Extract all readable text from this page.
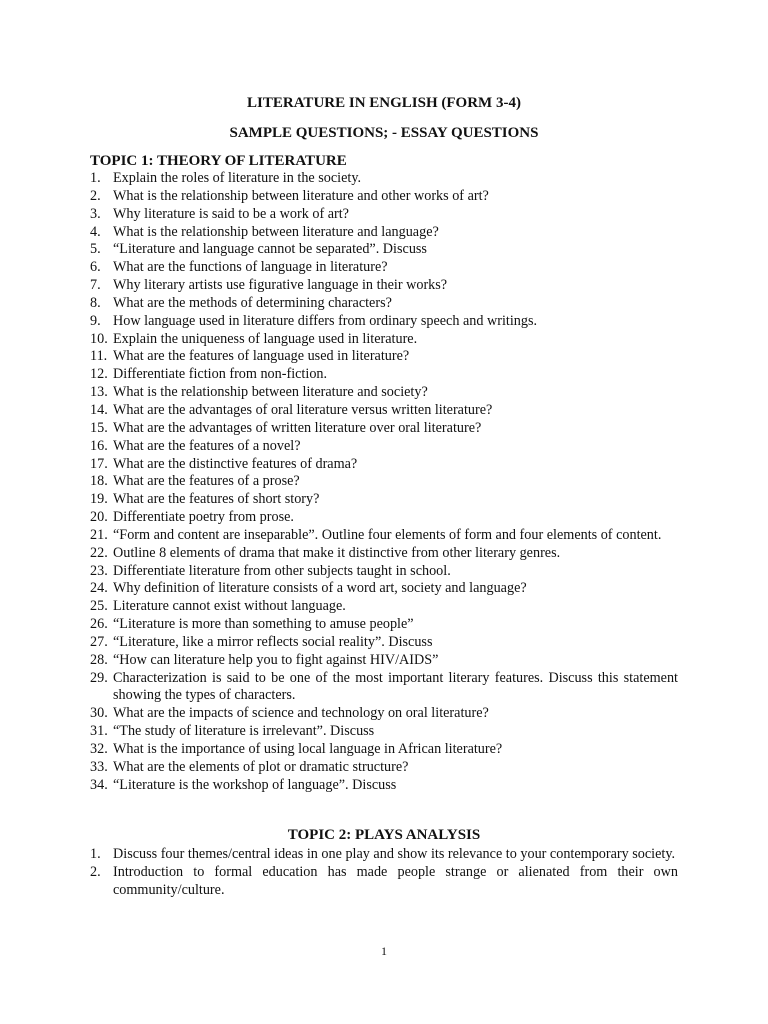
LITERATURE IN ENGLISH (FORM 3-4)
SAMPLE QUESTIONS; - ESSAY QUESTIONS
TOPIC 1: THEORY OF LITERATURE
1. Explain the roles of literature in the society.
2. What is the relationship between literature and other works of art?
3. Why literature is said to be a work of art?
4. What is the relationship between literature and language?
5. “Literature and language cannot be separated”. Discuss
6. What are the functions of language in literature?
7. Why literary artists use figurative language in their works?
8. What are the methods of determining characters?
9. How language used in literature differs from ordinary speech and writings.
10. Explain the uniqueness of language used in literature.
11. What are the features of language used in literature?
12. Differentiate fiction from non-fiction.
13. What is the relationship between literature and society?
14. What are the advantages of oral literature versus written literature?
15. What are the advantages of written literature over oral literature?
16. What are the features of a novel?
17. What are the distinctive features of drama?
18. What are the features of a prose?
19. What are the features of short story?
20. Differentiate poetry from prose.
21. “Form and content are inseparable”. Outline four elements of form and four elements of content.
22. Outline 8 elements of drama that make it distinctive from other literary genres.
23. Differentiate literature from other subjects taught in school.
24. Why definition of literature consists of a word art, society and language?
25. Literature cannot exist without language.
26. “Literature is more than something to amuse people”
27. “Literature, like a mirror reflects social reality”. Discuss
28. “How can literature help you to fight against HIV/AIDS”
29. Characterization is said to be one of the most important literary features. Discuss this statement showing the types of characters.
30. What are the impacts of science and technology on oral literature?
31. “The study of literature is irrelevant”. Discuss
32. What is the importance of using local language in African literature?
33. What are the elements of plot or dramatic structure?
34. “Literature is the workshop of language”. Discuss
TOPIC 2: PLAYS ANALYSIS
1. Discuss four themes/central ideas in one play and show its relevance to your contemporary society.
2. Introduction to formal education has made people strange or alienated from their own community/culture.
1
